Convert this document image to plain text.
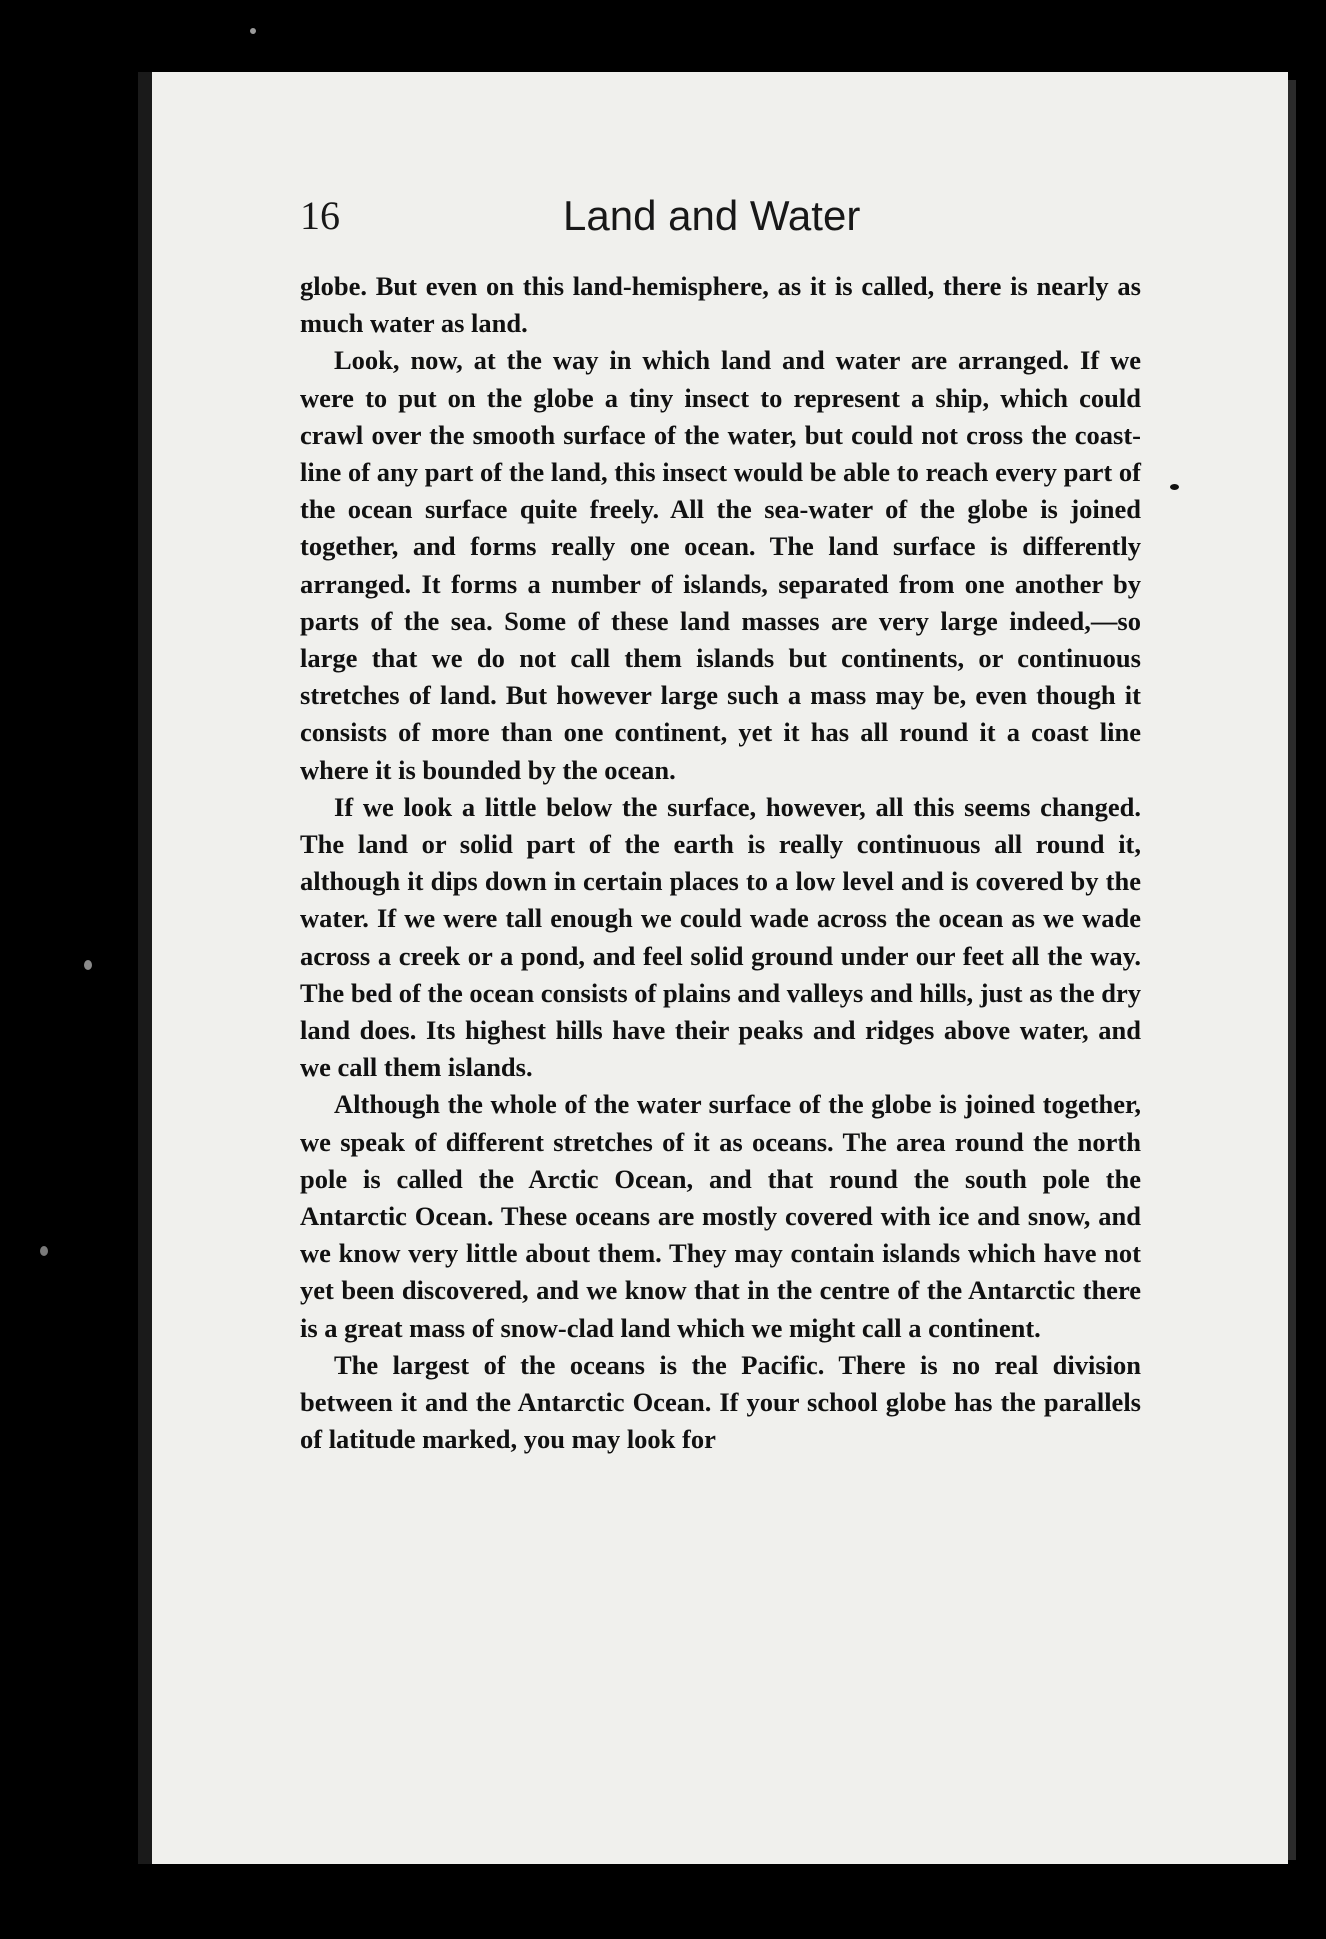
16	Land and Water

globe. But even on this land-hemisphere, as it is called, there is nearly as much water as land.

Look, now, at the way in which land and water are arranged. If we were to put on the globe a tiny insect to represent a ship, which could crawl over the smooth surface of the water, but could not cross the coast-line of any part of the land, this insect would be able to reach every part of the ocean surface quite freely. All the sea-water of the globe is joined together, and forms really one ocean. The land surface is differently arranged. It forms a number of islands, separated from one another by parts of the sea. Some of these land masses are very large indeed,—so large that we do not call them islands but continents, or continuous stretches of land. But however large such a mass may be, even though it consists of more than one continent, yet it has all round it a coast line where it is bounded by the ocean.

If we look a little below the surface, however, all this seems changed. The land or solid part of the earth is really continuous all round it, although it dips down in certain places to a low level and is covered by the water. If we were tall enough we could wade across the ocean as we wade across a creek or a pond, and feel solid ground under our feet all the way. The bed of the ocean consists of plains and valleys and hills, just as the dry land does. Its highest hills have their peaks and ridges above water, and we call them islands.

Although the whole of the water surface of the globe is joined together, we speak of different stretches of it as oceans. The area round the north pole is called the Arctic Ocean, and that round the south pole the Antarctic Ocean. These oceans are mostly covered with ice and snow, and we know very little about them. They may contain islands which have not yet been discovered, and we know that in the centre of the Antarctic there is a great mass of snow-clad land which we might call a continent.

The largest of the oceans is the Pacific. There is no real division between it and the Antarctic Ocean. If your school globe has the parallels of latitude marked, you may look for
